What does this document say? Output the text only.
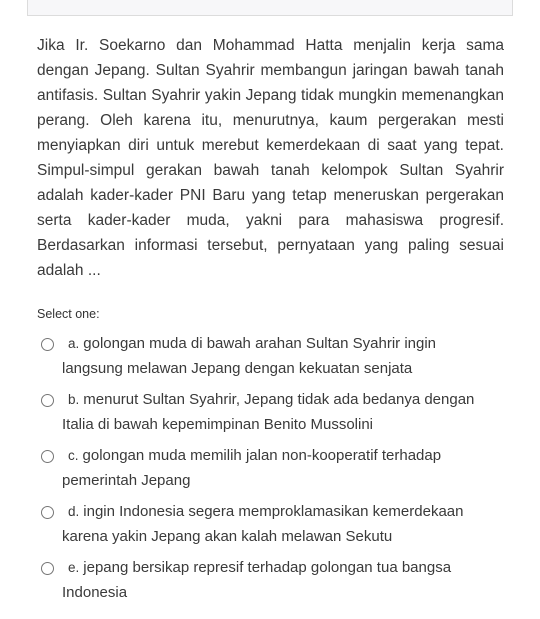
Jika Ir. Soekarno dan Mohammad Hatta menjalin kerja sama dengan Jepang. Sultan Syahrir membangun jaringan bawah tanah antifasis. Sultan Syahrir yakin Jepang tidak mungkin memenangkan perang. Oleh karena itu, menurutnya, kaum pergerakan mesti menyiapkan diri untuk merebut kemerdekaan di saat yang tepat. Simpul-simpul gerakan bawah tanah kelompok Sultan Syahrir adalah kader-kader PNI Baru yang tetap meneruskan pergerakan serta kader-kader muda, yakni para mahasiswa progresif. Berdasarkan informasi tersebut, pernyataan yang paling sesuai adalah ...
Select one:
a. golongan muda di bawah arahan Sultan Syahrir ingin langsung melawan Jepang dengan kekuatan senjata
b. menurut Sultan Syahrir, Jepang tidak ada bedanya dengan Italia di bawah kepemimpinan Benito Mussolini
c. golongan muda memilih jalan non-kooperatif terhadap pemerintah Jepang
d. ingin Indonesia segera memproklamasikan kemerdekaan karena yakin Jepang akan kalah melawan Sekutu
e. jepang bersikap represif terhadap golongan tua bangsa Indonesia
